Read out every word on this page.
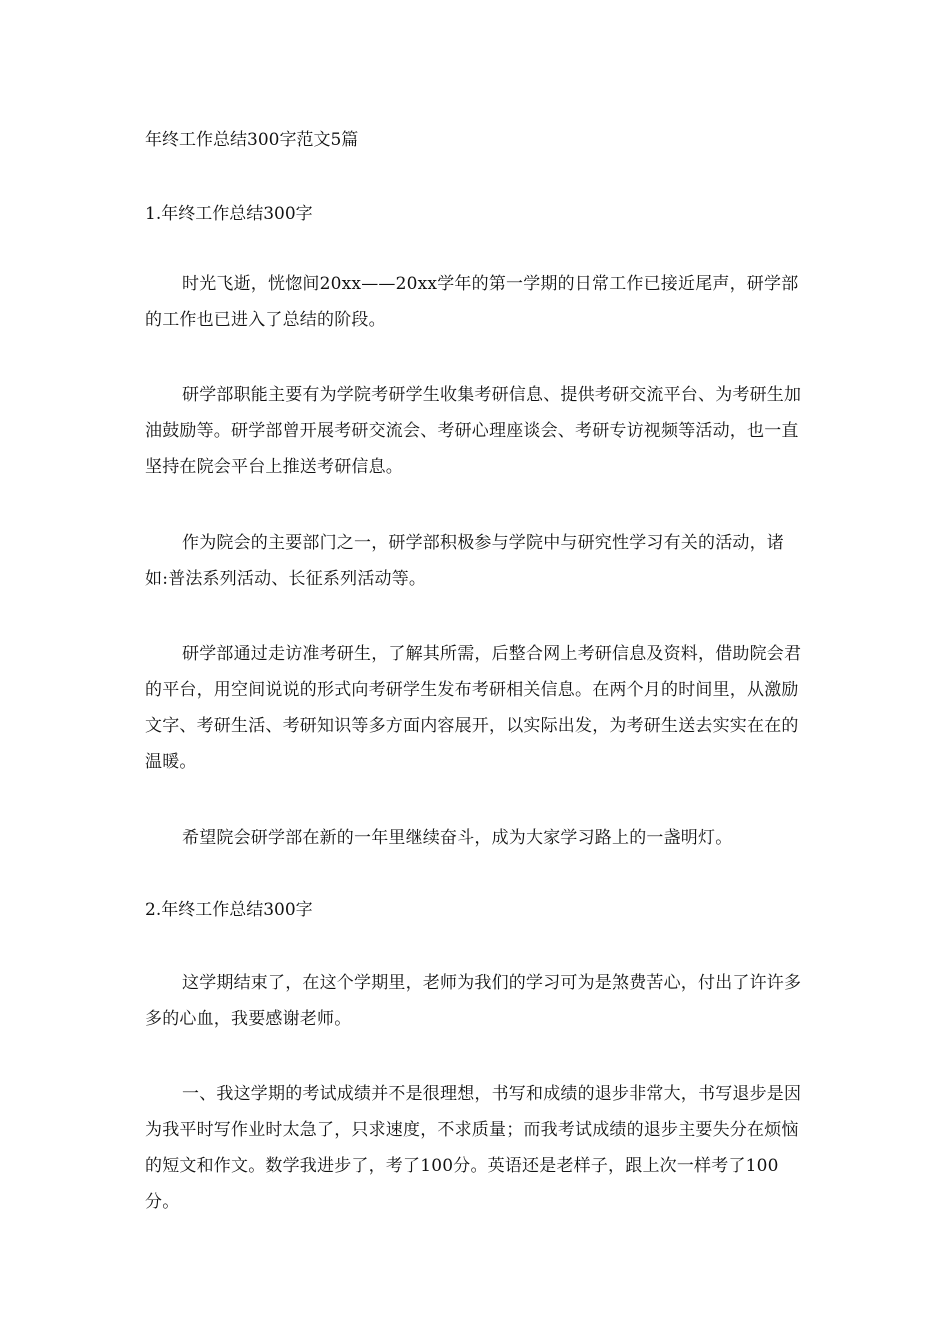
年终工作总结300字范文5篇
1.年终工作总结300字

时光飞逝，恍惚间20xx——20xx学年的第一学期的日常工作已接近尾声，研学部的工作也已进入了总结的阶段。

研学部职能主要有为学院考研学生收集考研信息、提供考研交流平台、为考研生加油鼓励等。研学部曾开展考研交流会、考研心理座谈会、考研专访视频等活动，也一直坚持在院会平台上推送考研信息。

作为院会的主要部门之一，研学部积极参与学院中与研究性学习有关的活动，诸如:普法系列活动、长征系列活动等。

研学部通过走访准考研生，了解其所需，后整合网上考研信息及资料，借助院会君的平台，用空间说说的形式向考研学生发布考研相关信息。在两个月的时间里，从激励文字、考研生活、考研知识等多方面内容展开，以实际出发，为考研生送去实实在在的温暖。

希望院会研学部在新的一年里继续奋斗，成为大家学习路上的一盏明灯。

2.年终工作总结300字

这学期结束了，在这个学期里，老师为我们的学习可为是煞费苦心，付出了许许多多的心血，我要感谢老师。

一、我这学期的考试成绩并不是很理想，书写和成绩的退步非常大，书写退步是因为我平时写作业时太急了，只求速度，不求质量；而我考试成绩的退步主要失分在烦恼的短文和作文。数学我进步了，考了100分。英语还是老样子，跟上次一样考了100分。
